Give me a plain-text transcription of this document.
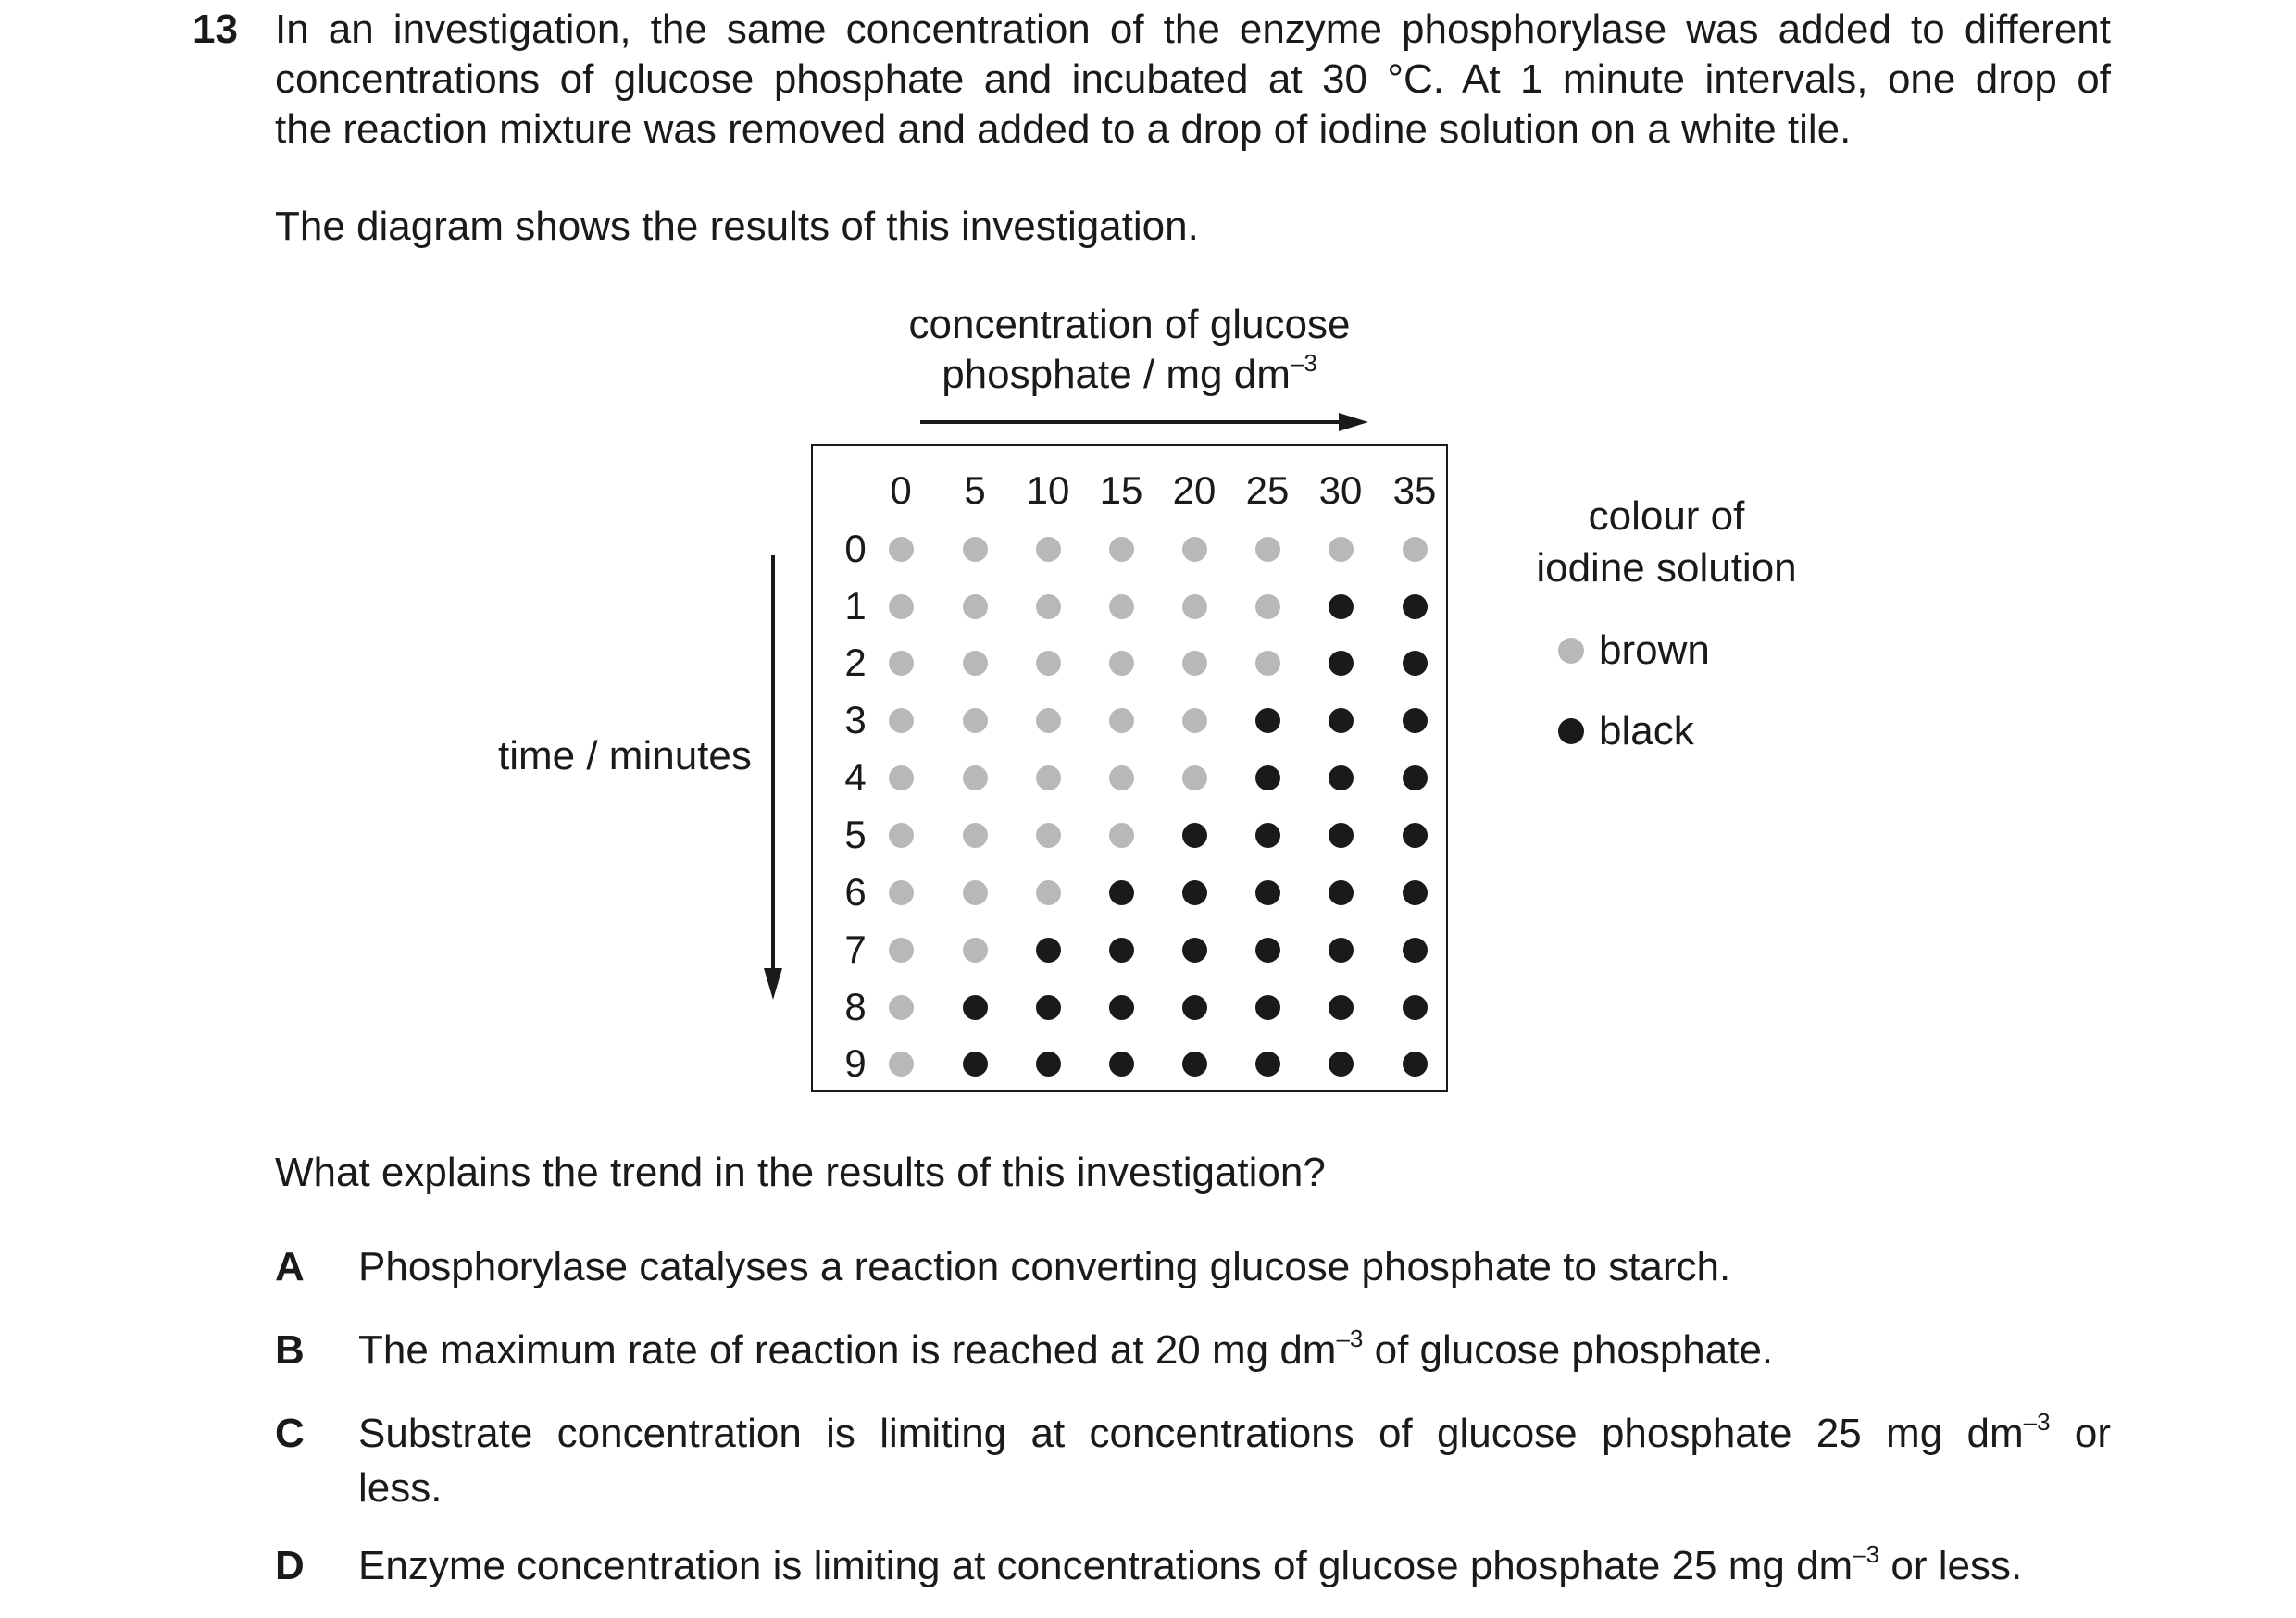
13 In an investigation, the same concentration of the enzyme phosphorylase was added to different
concentrations of glucose phosphate and incubated at 30 °C. At 1 minute intervals, one drop of
the reaction mixture was removed and added to a drop of iodine solution on a white tile.
The diagram shows the results of this investigation.
concentration of glucose
phosphate / mg $dm^{-3}$
time / minutes
0	5	10 15 20 25 30 35
0
1
2
3
4
5
6
7
8
9
colour of
iodine solution
brown
black
What explains the trend in the results of this investigation?
A Phosphorylase catalyses a reaction converting glucose phosphate to starch.
B The maximum rate of reaction is reached at 20 mg $dm^{-3}$ of glucose phosphate.
C Substrate concentration is limiting at concentrations of glucose phosphate 25 mg $dm^{-3}$ or
less.
D Enzyme concentration is limiting at concentrations of glucose phosphate 25 mg $dm^{-3}$ or less.
